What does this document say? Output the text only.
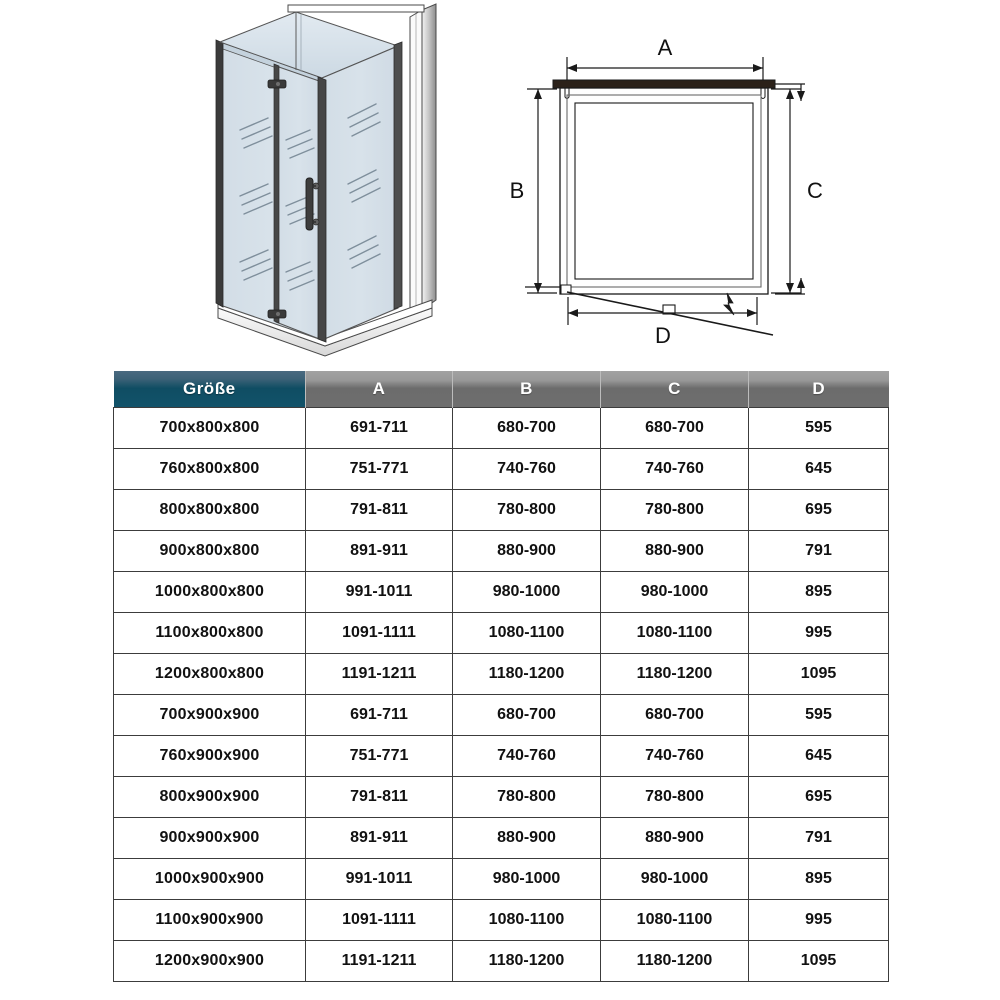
A
B	C
D
Größe	A	B	C	D
700x800x800	691-711	680-700	680-700	595
760x800x800	751-771	740-760	740-760	645
800x800x800	791-811	780-800	780-800	695
900x800x800	891-911	880-900	880-900	791
1000x800x800	991-1011	980-1000	980-1000	895
1100x800x800	1091-1111	1080-1100	1080-1100	995
1200x800x800	1191-1211	1180-1200	1180-1200	1095
700x900x900	691-711	680-700	680-700	595
760x900x900	751-771	740-760	740-760	645
800x900x900	791-811	780-800	780-800	695
900x900x900	891-911	880-900	880-900	791
1000x900x900	991-1011	980-1000	980-1000	895
1100x900x900	1091-1111	1080-1100	1080-1100	995
1200x900x900	1191-1211	1180-1200	1180-1200	1095
